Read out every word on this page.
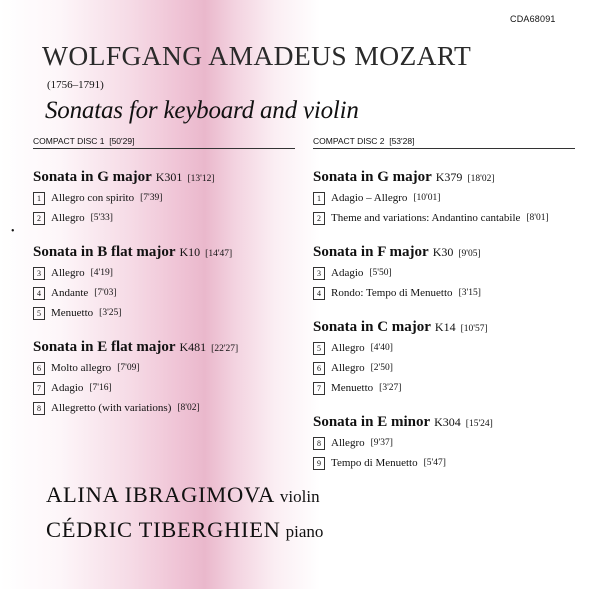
CDA68091
WOLFGANG AMADEUS MOZART
(1756–1791)
Sonatas for keyboard and violin
•
COMPACT DISC 1 [50'29]
Sonata in G major K301 [13'12]
1 Allegro con spirito [7'39]
2 Allegro [5'33]
Sonata in B flat major K10 [14'47]
3 Allegro [4'19]
4 Andante [7'03]
5 Menuetto [3'25]
Sonata in E flat major K481 [22'27]
6 Molto allegro [7'09]
7 Adagio [7'16]
8 Allegretto (with variations) [8'02]
COMPACT DISC 2 [53'28]
Sonata in G major K379 [18'02]
1 Adagio – Allegro [10'01]
2 Theme and variations: Andantino cantabile [8'01]
Sonata in F major K30 [9'05]
3 Adagio [5'50]
4 Rondo: Tempo di Menuetto [3'15]
Sonata in C major K14 [10'57]
5 Allegro [4'40]
6 Allegro [2'50]
7 Menuetto [3'27]
Sonata in E minor K304 [15'24]
8 Allegro [9'37]
9 Tempo di Menuetto [5'47]
ALINA IBRAGIMOVA violin
CÉDRIC TIBERGHIEN piano
